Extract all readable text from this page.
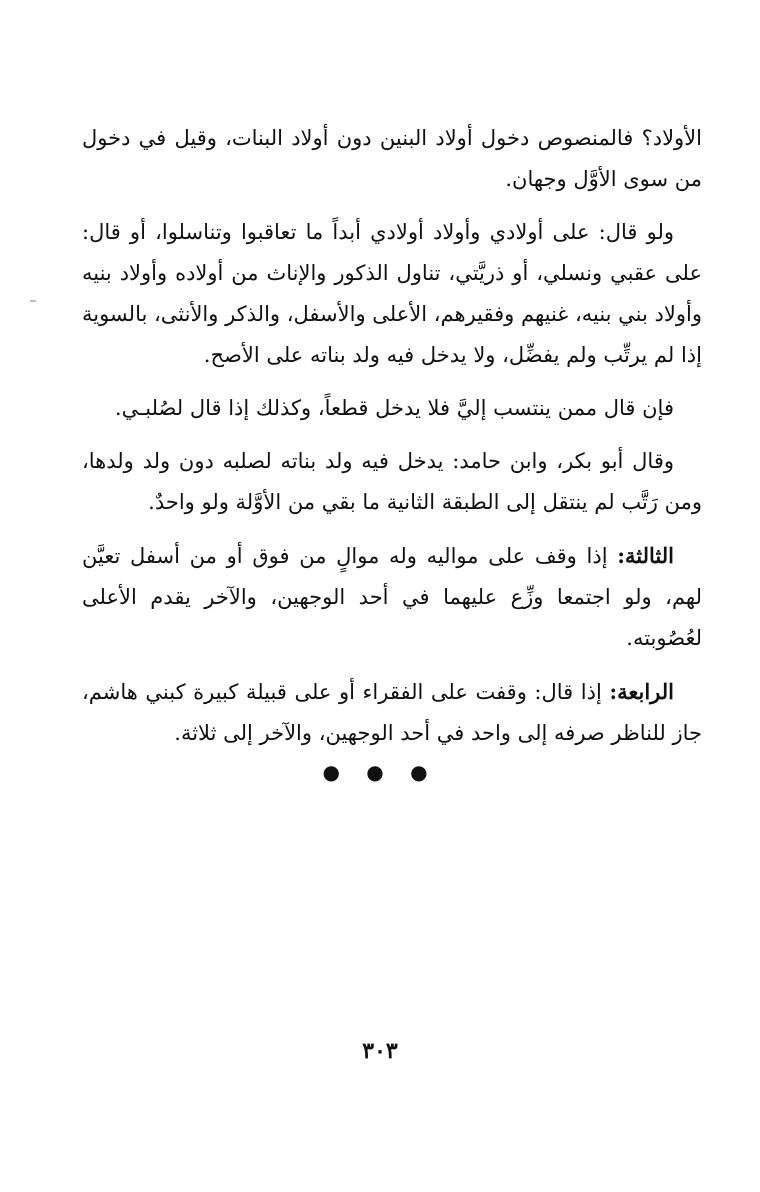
الأولاد؟ فالمنصوص دخول أولاد البنين دون أولاد البنات، وقيل في دخول من سوى الأوَّل وجهان.

ولو قال: على أولادي وأولاد أولادي أبداً ما تعاقبوا وتناسلوا، أو قال: على عقبي ونسلي، أو ذريَّتي، تناول الذكور والإناث من أولاده وأولاد بنيه وأولاد بني بنيه، غنيهم وفقيرهم، الأعلى والأسفل، والذكر والأنثى، بالسوية إذا لم يرتِّب ولم يفضِّل، ولا يدخل فيه ولد بناته على الأصح.

فإن قال ممن ينتسب إليَّ فلا يدخل قطعاً، وكذلك إذا قال لصُلبـي.

وقال أبو بكر، وابن حامد: يدخل فيه ولد بناته لصلبه دون ولد ولدها، ومن رَتَّب لم ينتقل إلى الطبقة الثانية ما بقي من الأوَّلة ولو واحدٌ.

الثالثة: إذا وقف على مواليه وله موالٍ من فوق أو من أسفل تعيَّن لهم، ولو اجتمعا وزِّع عليهما في أحد الوجهين، والآخر يقدم الأعلى لعُصُوبته.

الرابعة: إذا قال: وقفت على الفقراء أو على قبيلة كبيرة كبني هاشم، جاز للناظر صرفه إلى واحد في أحد الوجهين، والآخر إلى ثلاثة.

● ● ●
٣٠٣
